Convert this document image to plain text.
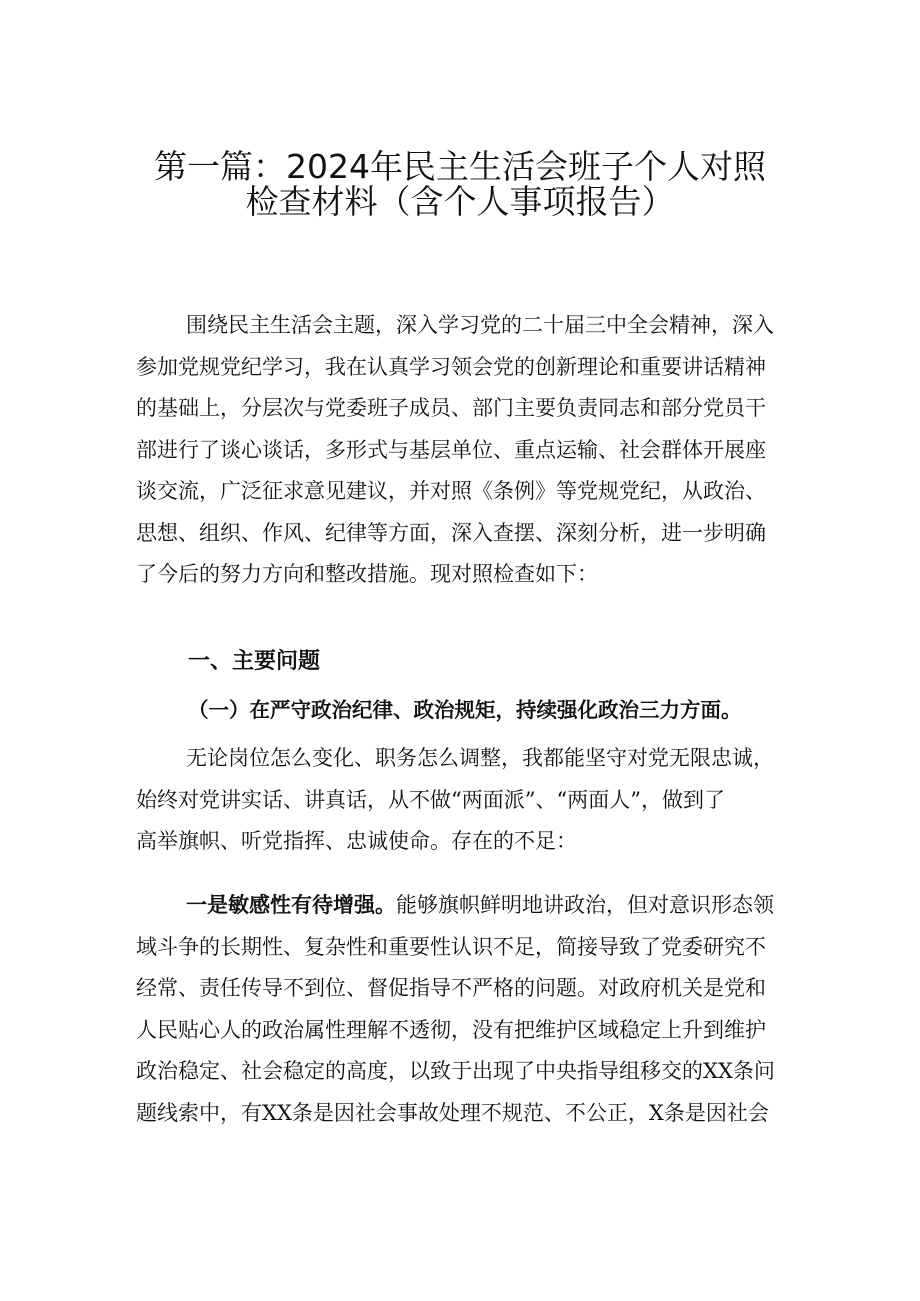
第一篇：2024年民主生活会班子个人对照
检查材料（含个人事项报告）
围绕民主生活会主题，深入学习党的二十届三中全会精神，深入
参加党规党纪学习，我在认真学习领会党的创新理论和重要讲话精神
的基础上，分层次与党委班子成员、部门主要负责同志和部分党员干
部进行了谈心谈话，多形式与基层单位、重点运输、社会群体开展座
谈交流，广泛征求意见建议，并对照《条例》等党规党纪，从政治、
思想、组织、作风、纪律等方面，深入查摆、深刻分析，进一步明确
了今后的努力方向和整改措施。现对照检查如下：
一、主要问题
（一）在严守政治纪律、政治规矩，持续强化政治三力方面。
无论岗位怎么变化、职务怎么调整，我都能坚守对党无限忠诚，
始终对党讲实话、讲真话，从不做“两面派”、“两面人”，做到了
高举旗帜、听党指挥、忠诚使命。存在的不足：
一是敏感性有待增强。能够旗帜鲜明地讲政治，但对意识形态领
域斗争的长期性、复杂性和重要性认识不足，简接导致了党委研究不
经常、责任传导不到位、督促指导不严格的问题。对政府机关是党和
人民贴心人的政治属性理解不透彻，没有把维护区域稳定上升到维护
政治稳定、社会稳定的高度，以致于出现了中央指导组移交的XX条问
题线索中，有XX条是因社会事故处理不规范、不公正，X条是因社会
